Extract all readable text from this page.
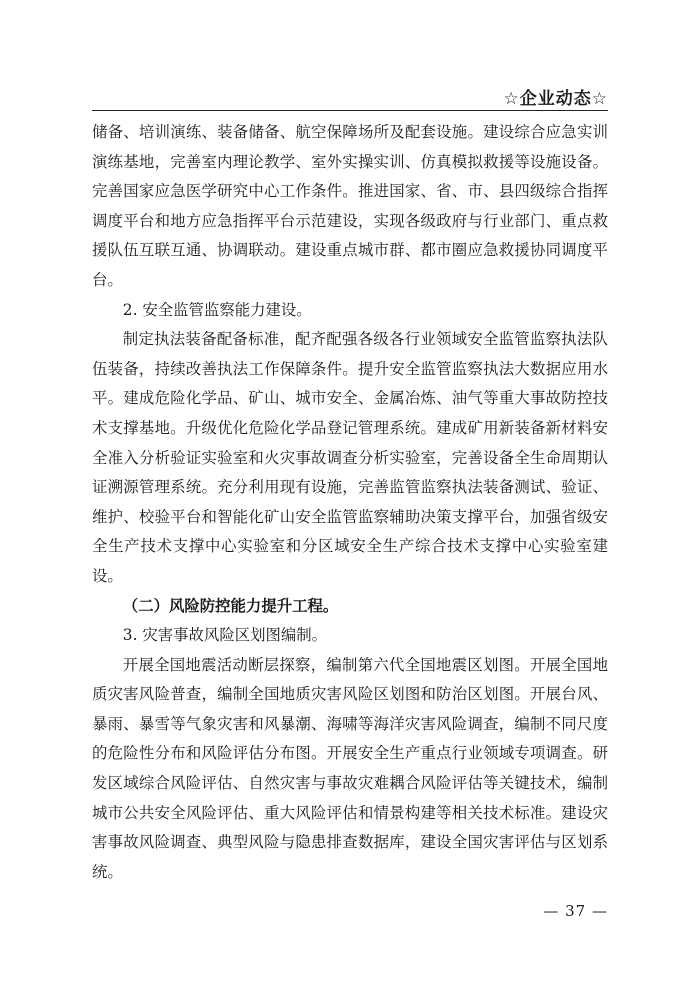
☆企业动态☆

储备、培训演练、装备储备、航空保障场所及配套设施。建设综合应急实训演练基地，完善室内理论教学、室外实操实训、仿真模拟救援等设施设备。完善国家应急医学研究中心工作条件。推进国家、省、市、县四级综合指挥调度平台和地方应急指挥平台示范建设，实现各级政府与行业部门、重点救援队伍互联互通、协调联动。建设重点城市群、都市圈应急救援协同调度平台。

2. 安全监管监察能力建设。

制定执法装备配备标准，配齐配强各级各行业领域安全监管监察执法队伍装备，持续改善执法工作保障条件。提升安全监管监察执法大数据应用水平。建成危险化学品、矿山、城市安全、金属冶炼、油气等重大事故防控技术支撑基地。升级优化危险化学品登记管理系统。建成矿用新装备新材料安全准入分析验证实验室和火灾事故调查分析实验室，完善设备全生命周期认证溯源管理系统。充分利用现有设施，完善监管监察执法装备测试、验证、维护、校验平台和智能化矿山安全监管监察辅助决策支撑平台，加强省级安全生产技术支撑中心实验室和分区域安全生产综合技术支撑中心实验室建设。

（二）风险防控能力提升工程。

3. 灾害事故风险区划图编制。

开展全国地震活动断层探察，编制第六代全国地震区划图。开展全国地质灾害风险普查，编制全国地质灾害风险区划图和防治区划图。开展台风、暴雨、暴雪等气象灾害和风暴潮、海啸等海洋灾害风险调查，编制不同尺度的危险性分布和风险评估分布图。开展安全生产重点行业领域专项调查。研发区域综合风险评估、自然灾害与事故灾难耦合风险评估等关键技术，编制城市公共安全风险评估、重大风险评估和情景构建等相关技术标准。建设灾害事故风险调查、典型风险与隐患排查数据库，建设全国灾害评估与区划系统。

— 37 —
